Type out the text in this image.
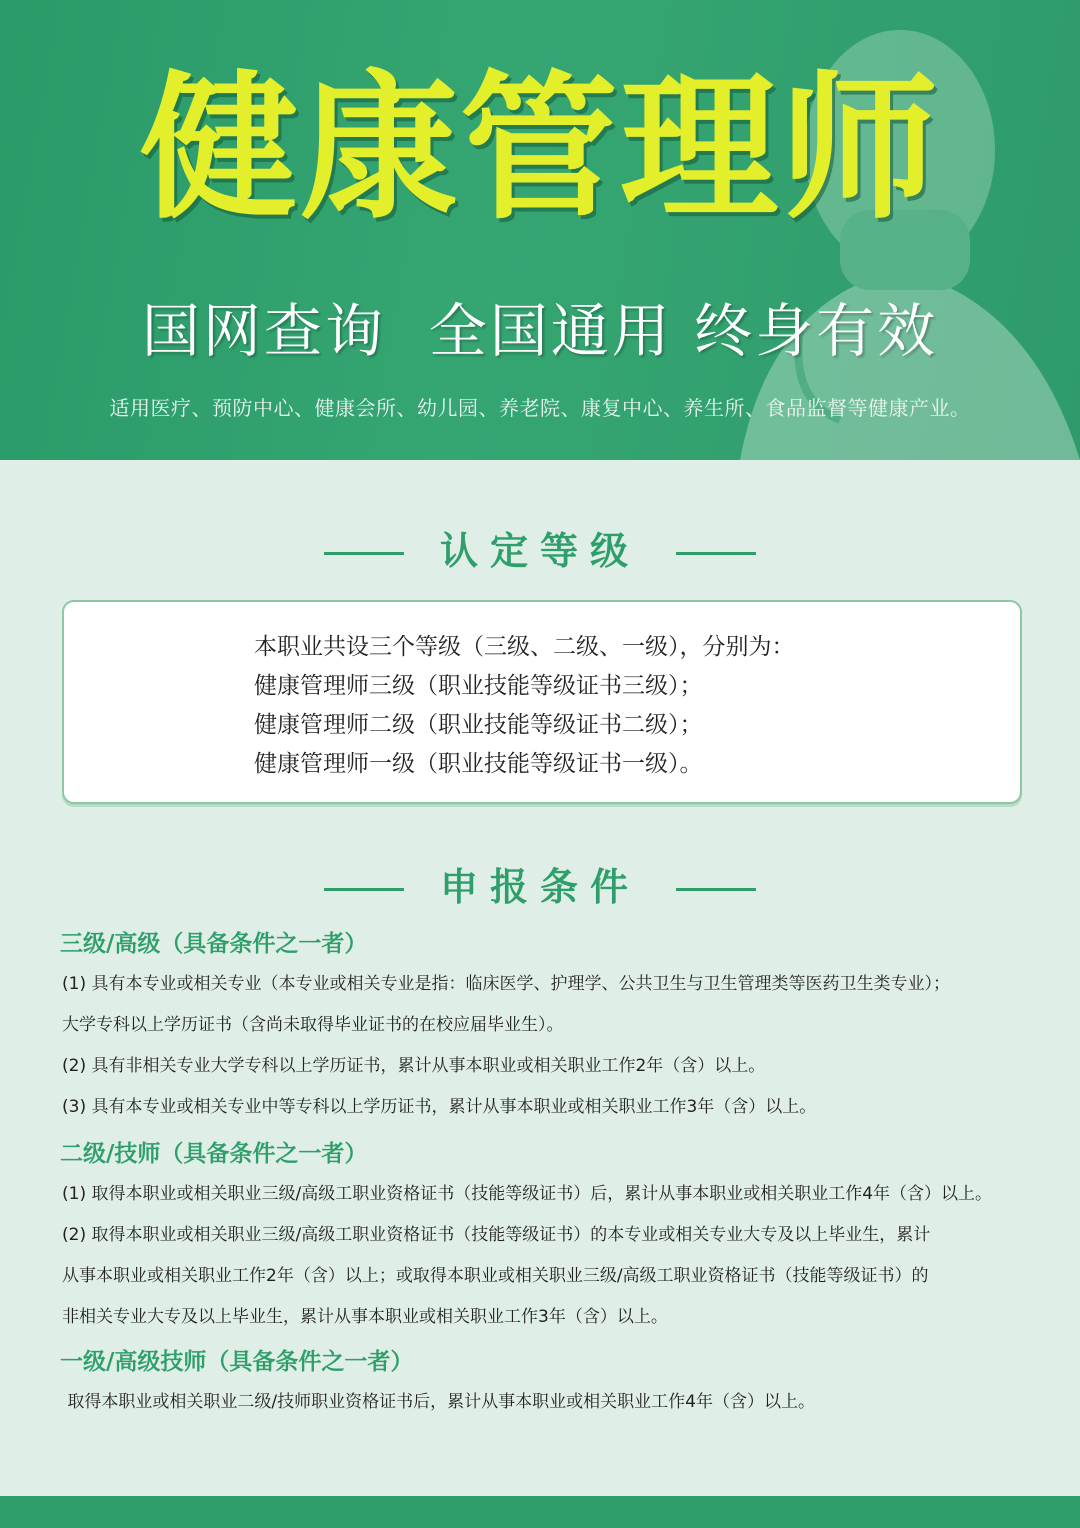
健康管理师
国网查询  全国通用 终身有效
适用医疗、预防中心、健康会所、幼儿园、养老院、康复中心、养生所、食品监督等健康产业。
认定等级
本职业共设三个等级（三级、二级、一级），分别为：
健康管理师三级（职业技能等级证书三级）；
健康管理师二级（职业技能等级证书二级）；
健康管理师一级（职业技能等级证书一级）。
申报条件

三级/高级（具备条件之一者）

(1) 具有本专业或相关专业（本专业或相关专业是指：临床医学、护理学、公共卫生与卫生管理类等医药卫生类专业）；

大学专科以上学历证书（含尚未取得毕业证书的在校应届毕业生）。

(2) 具有非相关专业大学专科以上学历证书，累计从事本职业或相关职业工作2年（含）以上。

(3) 具有本专业或相关专业中等专科以上学历证书，累计从事本职业或相关职业工作3年（含）以上。

二级/技师（具备条件之一者）

(1) 取得本职业或相关职业三级/高级工职业资格证书（技能等级证书）后，累计从事本职业或相关职业工作4年（含）以上。

(2) 取得本职业或相关职业三级/高级工职业资格证书（技能等级证书）的本专业或相关专业大专及以上毕业生，累计

从事本职业或相关职业工作2年（含）以上；或取得本职业或相关职业三级/高级工职业资格证书（技能等级证书）的

非相关专业大专及以上毕业生，累计从事本职业或相关职业工作3年（含）以上。

一级/高级技师（具备条件之一者）

取得本职业或相关职业二级/技师职业资格证书后，累计从事本职业或相关职业工作4年（含）以上。
